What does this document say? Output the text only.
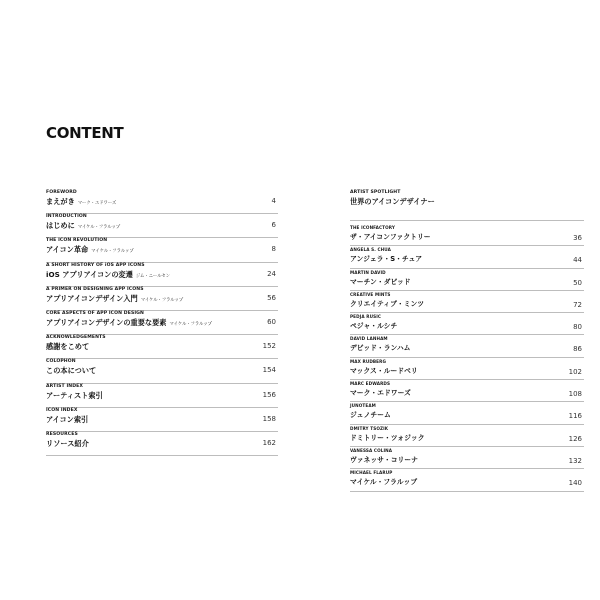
CONTENT
FOREWORD
まえがき マーク・エドワーズ	4
INTRODUCTION
はじめに マイケル・フラルップ	6
THE ICON REVOLUTION
アイコン革命 マイケル・フラルップ	8
A SHORT HISTORY OF iOS APP ICONS
iOS アプリアイコンの変遷 ジム・ニールセン	24
A PRIMER ON DESIGNING APP ICONS
アプリアイコンデザイン入門 マイケル・フラルップ	56
CORE ASPECTS OF APP ICON DESIGN
アプリアイコンデザインの重要な要素 マイケル・フラルップ	60
ACKNOWLEDGEMENTS
感謝をこめて	152
COLOPHON
この本について	154
ARTIST INDEX
アーティスト索引	156
ICON INDEX
アイコン索引	158
RESOURCES
リソース紹介	162
ARTIST SPOTLIGHT
世界のアイコンデザイナー
THE ICONFACTORY
ザ・アイコンファクトリー	36
ANGELA S. CHUA
アンジェラ・S・チュア	44
MARTIN DAVID
マーチン・ダビッド	50
CREATIVE MINTS
クリエイティブ・ミンツ	72
PEDJA RUSIC
ペジャ・ルシチ	80
DAVID LANHAM
デビッド・ランハム	86
MAX RUDBERG
マックス・ルードベリ	102
MARC EDWARDS
マーク・エドワーズ	108
JUNOTEAM
ジュノチーム	116
DMITRY TSOZIK
ドミトリー・ツォジック	126
VANESSA COLINA
ヴァネッサ・コリーナ	132
MICHAEL FLARUP
マイケル・フラルップ	140
